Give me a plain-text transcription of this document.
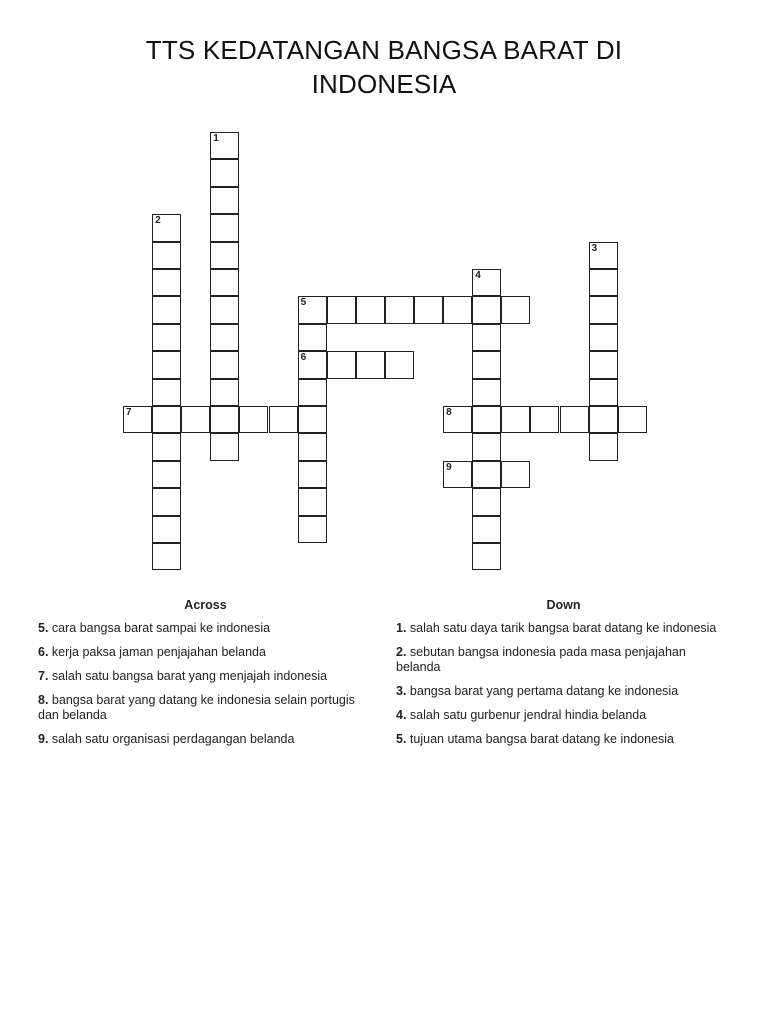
TTS KEDATANGAN BANGSA BARAT DI INDONESIA
1
2
3
4
5
6
7	8
9
Across
5. cara bangsa barat sampai ke indonesia
6. kerja paksa jaman penjajahan belanda
7. salah satu bangsa barat yang menjajah indonesia
8. bangsa barat yang datang ke indonesia selain portugis dan belanda
9. salah satu organisasi perdagangan belanda
Down
1. salah satu daya tarik bangsa barat datang ke indonesia
2. sebutan bangsa indonesia pada masa penjajahan belanda
3. bangsa barat yang pertama datang ke indonesia
4. salah satu gurbenur jendral hindia belanda
5. tujuan utama bangsa barat datang ke indonesia
